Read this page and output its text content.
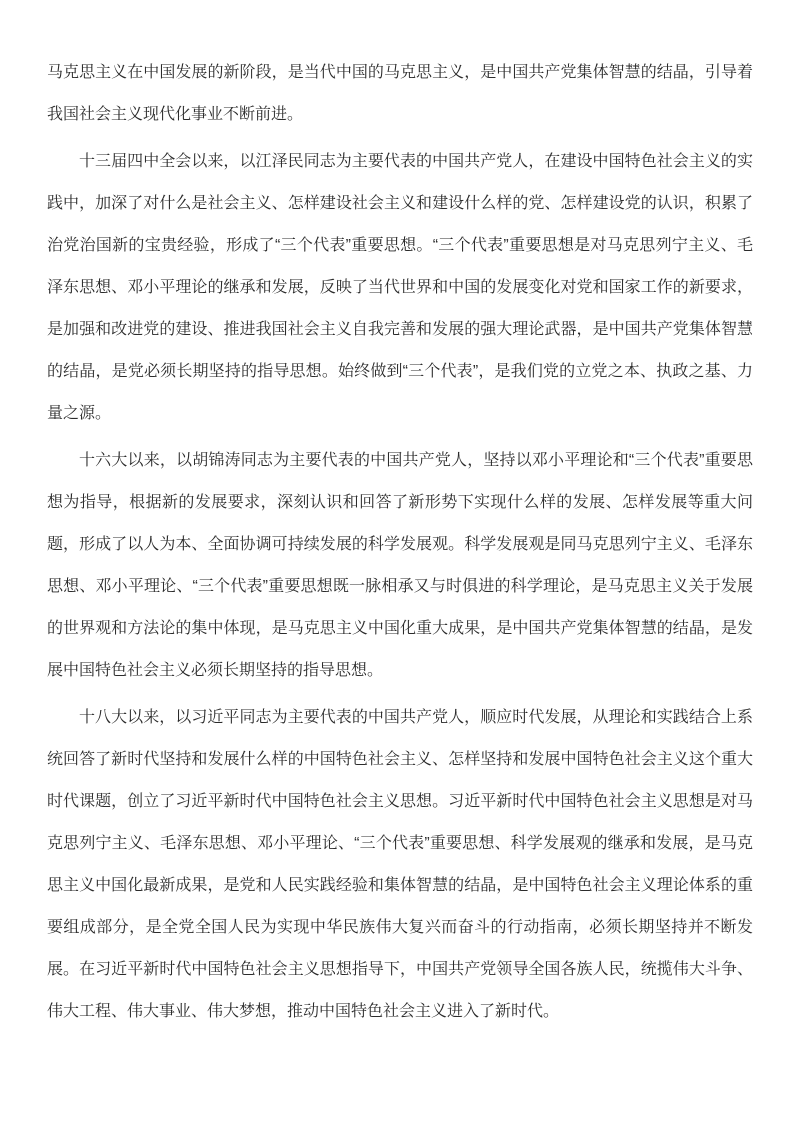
马克思主义在中国发展的新阶段，是当代中国的马克思主义，是中国共产党集体智慧的结晶，引导着我国社会主义现代化事业不断前进。

十三届四中全会以来，以江泽民同志为主要代表的中国共产党人，在建设中国特色社会主义的实践中，加深了对什么是社会主义、怎样建设社会主义和建设什么样的党、怎样建设党的认识，积累了治党治国新的宝贵经验，形成了“三个代表”重要思想。“三个代表”重要思想是对马克思列宁主义、毛泽东思想、邓小平理论的继承和发展，反映了当代世界和中国的发展变化对党和国家工作的新要求，是加强和改进党的建设、推进我国社会主义自我完善和发展的强大理论武器，是中国共产党集体智慧的结晶，是党必须长期坚持的指导思想。始终做到“三个代表”，是我们党的立党之本、执政之基、力量之源。

十六大以来，以胡锦涛同志为主要代表的中国共产党人，坚持以邓小平理论和“三个代表”重要思想为指导，根据新的发展要求，深刻认识和回答了新形势下实现什么样的发展、怎样发展等重大问题，形成了以人为本、全面协调可持续发展的科学发展观。科学发展观是同马克思列宁主义、毛泽东思想、邓小平理论、“三个代表”重要思想既一脉相承又与时俱进的科学理论，是马克思主义关于发展的世界观和方法论的集中体现，是马克思主义中国化重大成果，是中国共产党集体智慧的结晶，是发展中国特色社会主义必须长期坚持的指导思想。

十八大以来，以习近平同志为主要代表的中国共产党人，顺应时代发展，从理论和实践结合上系统回答了新时代坚持和发展什么样的中国特色社会主义、怎样坚持和发展中国特色社会主义这个重大时代课题，创立了习近平新时代中国特色社会主义思想。习近平新时代中国特色社会主义思想是对马克思列宁主义、毛泽东思想、邓小平理论、“三个代表”重要思想、科学发展观的继承和发展，是马克思主义中国化最新成果，是党和人民实践经验和集体智慧的结晶，是中国特色社会主义理论体系的重要组成部分，是全党全国人民为实现中华民族伟大复兴而奋斗的行动指南，必须长期坚持并不断发展。在习近平新时代中国特色社会主义思想指导下，中国共产党领导全国各族人民，统揽伟大斗争、伟大工程、伟大事业、伟大梦想，推动中国特色社会主义进入了新时代。
